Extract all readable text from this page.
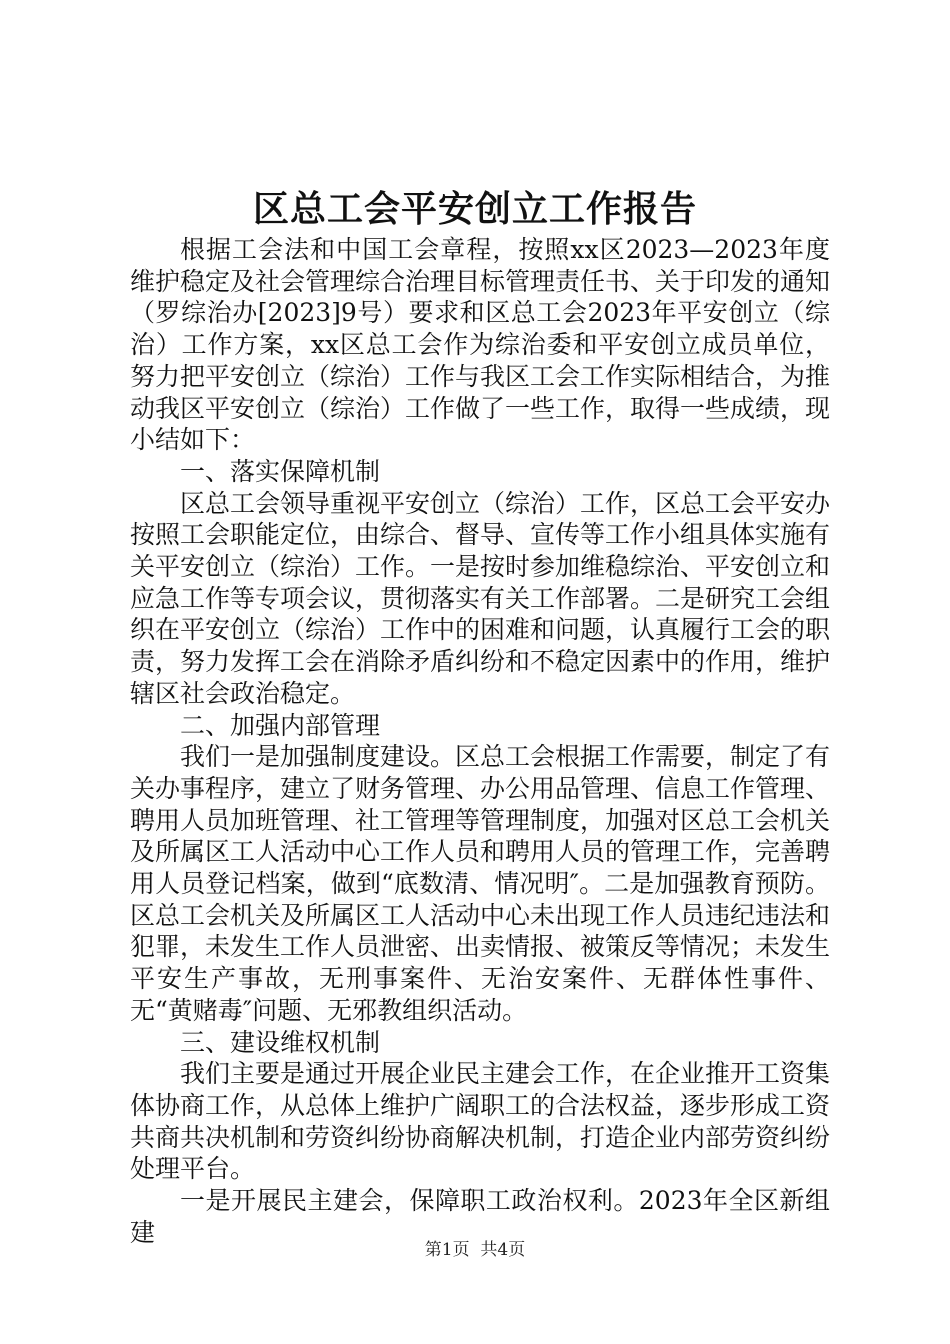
区总工会平安创立工作报告

根据工会法和中国工会章程，按照xx区2023—2023年度维护稳定及社会管理综合治理目标管理责任书、关于印发的通知（罗综治办[2023]9号）要求和区总工会2023年平安创立（综治）工作方案，xx区总工会作为综治委和平安创立成员单位，努力把平安创立（综治）工作与我区工会工作实际相结合，为推动我区平安创立（综治）工作做了一些工作，取得一些成绩，现小结如下：

一、落实保障机制

区总工会领导重视平安创立（综治）工作，区总工会平安办按照工会职能定位，由综合、督导、宣传等工作小组具体实施有关平安创立（综治）工作。一是按时参加维稳综治、平安创立和应急工作等专项会议，贯彻落实有关工作部署。二是研究工会组织在平安创立（综治）工作中的困难和问题，认真履行工会的职责，努力发挥工会在消除矛盾纠纷和不稳定因素中的作用，维护辖区社会政治稳定。

二、加强内部管理

我们一是加强制度建设。区总工会根据工作需要，制定了有关办事程序，建立了财务管理、办公用品管理、信息工作管理、聘用人员加班管理、社工管理等管理制度，加强对区总工会机关及所属区工人活动中心工作人员和聘用人员的管理工作，完善聘用人员登记档案，做到“底数清、情况明″。二是加强教育预防。区总工会机关及所属区工人活动中心未出现工作人员违纪违法和犯罪，未发生工作人员泄密、出卖情报、被策反等情况；未发生平安生产事故，无刑事案件、无治安案件、无群体性事件、无“黄赌毒″问题、无邪教组织活动。

三、建设维权机制

我们主要是通过开展企业民主建会工作，在企业推开工资集体协商工作，从总体上维护广阔职工的合法权益，逐步形成工资共商共决机制和劳资纠纷协商解决机制，打造企业内部劳资纠纷处理平台。

一是开展民主建会，保障职工政治权利。2023年全区新组建

第1页 共4页
